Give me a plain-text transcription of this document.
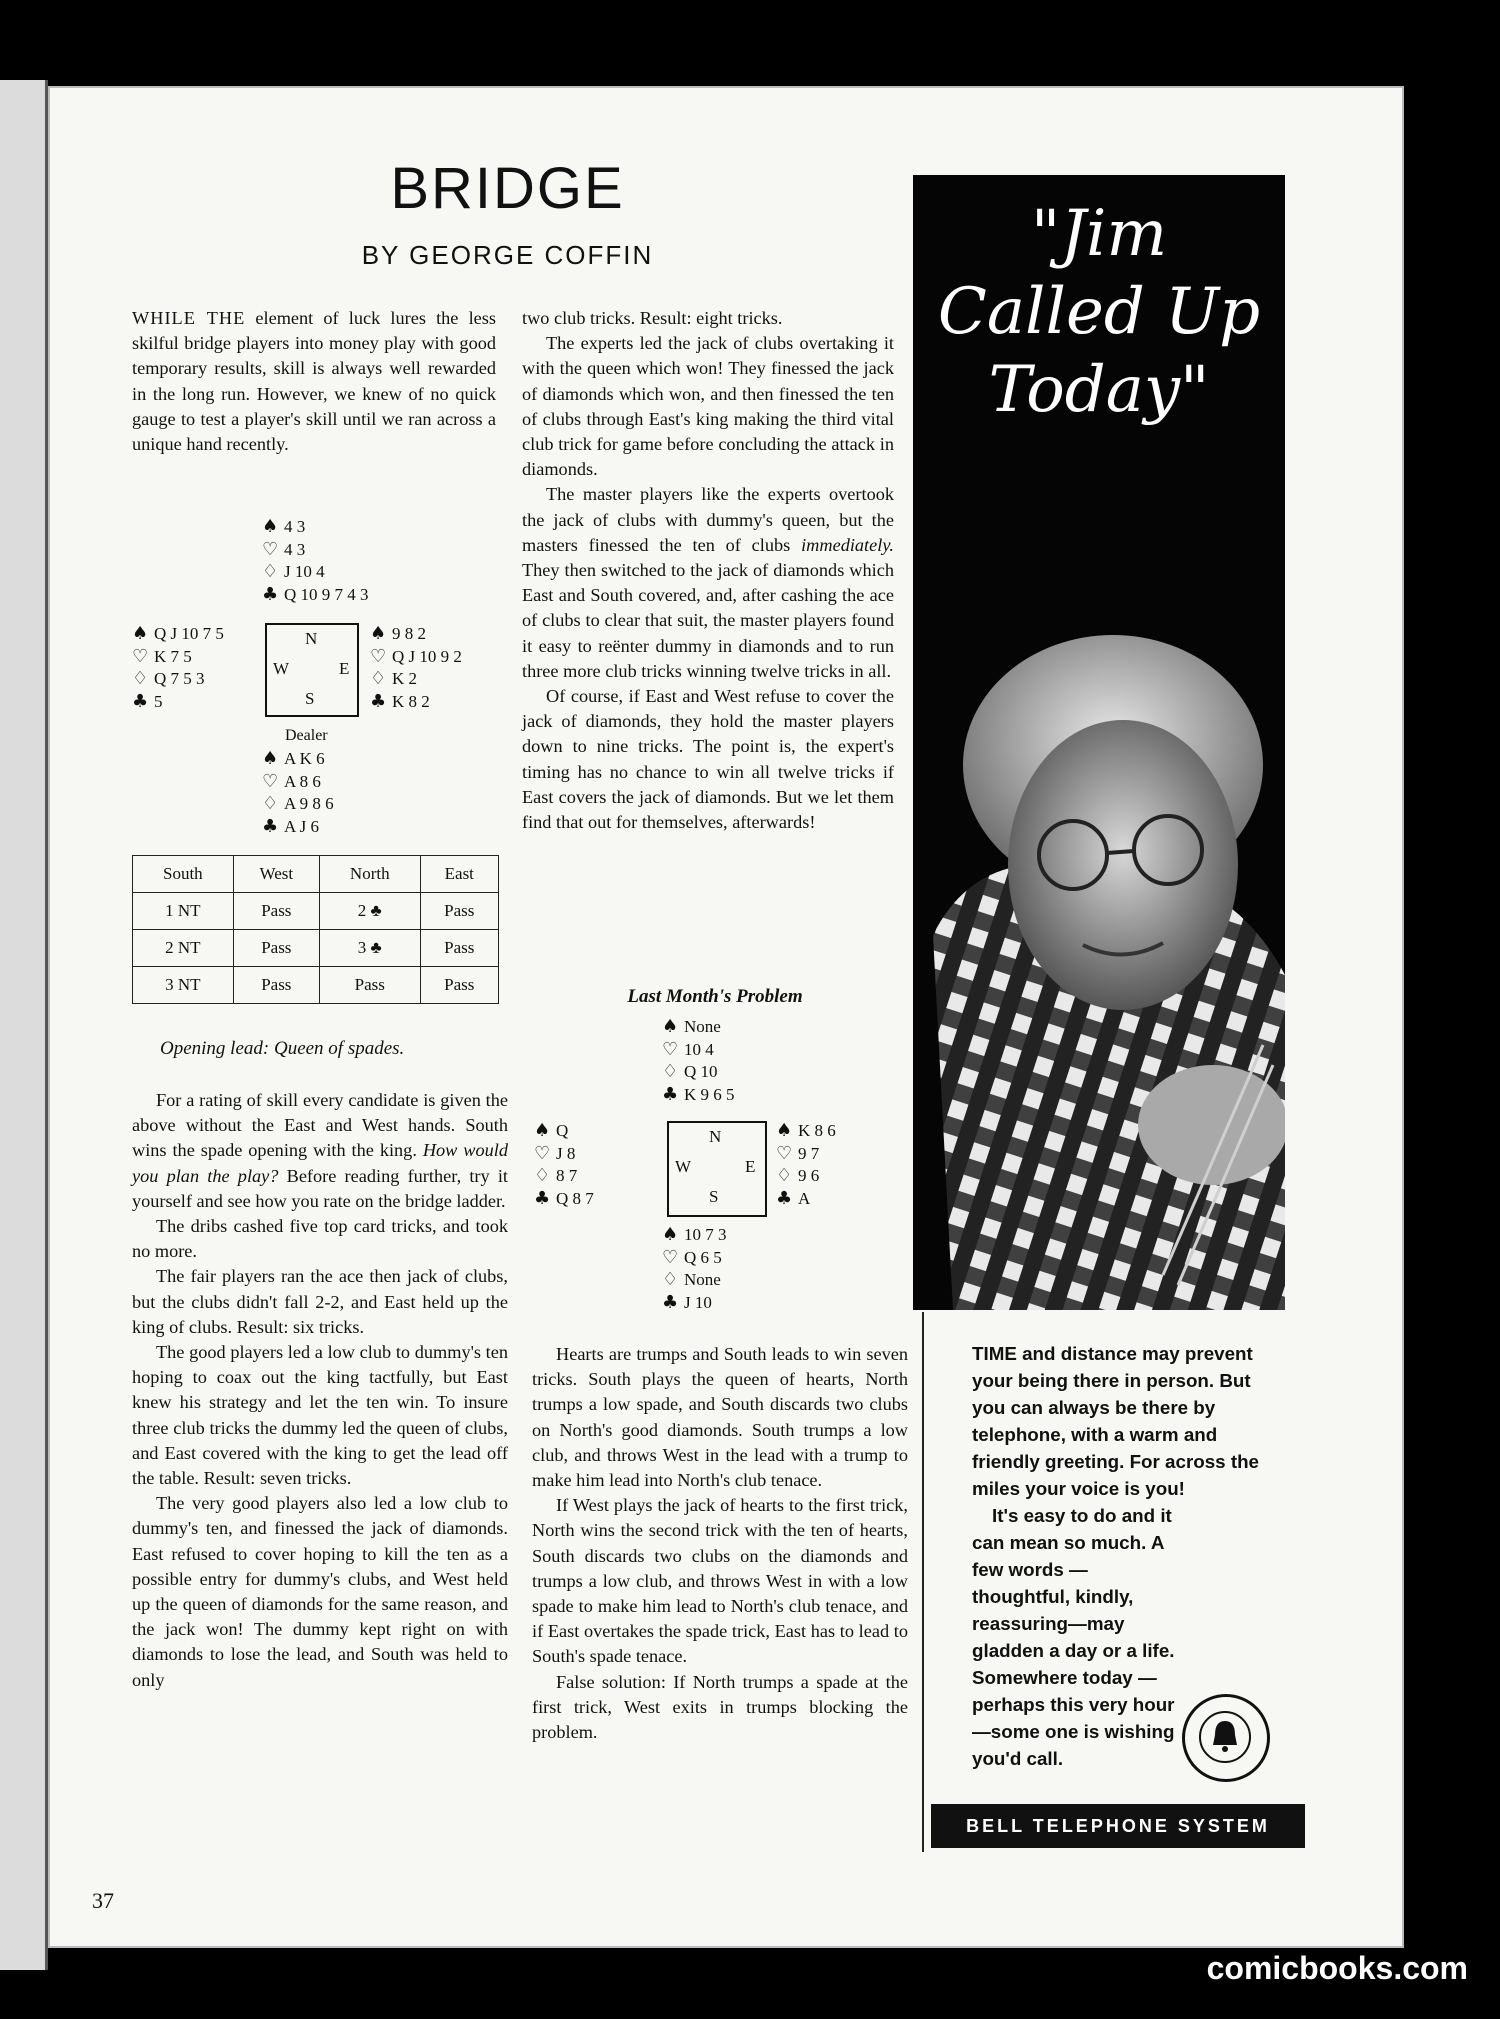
BRIDGE
BY GEORGE COFFIN

WHILE THE element of luck lures the less skilful bridge players into money play with good temporary results, skill is always well rewarded in the long run. However, we knew of no quick gauge to test a player's skill until we ran across a unique hand recently.

♠ 4 3
♡ 4 3
♢ J 10 4
♣ Q 10 9 7 4 3
♠ Q J 10 7 5
♡ K 7 5
♢ Q 7 5 3
♣ 5
N
W	E
S
♠ 9 8 2
♡ Q J 10 9 2
♢ K 2
♣ K 8 2
Dealer
♠ A K 6
♡ A 8 6
♢ A 9 8 6
♣ A J 6
South	West	North	East
1 NT	Pass	2 ♣	Pass
2 NT	Pass	3 ♣	Pass
3 NT	Pass	Pass	Pass
Opening lead: Queen of spades.

For a rating of skill every candidate is given the above without the East and West hands. South wins the spade opening with the king. How would you plan the play? Before reading further, try it yourself and see how you rate on the bridge ladder.

The dribs cashed five top card tricks, and took no more.

The fair players ran the ace then jack of clubs, but the clubs didn't fall 2-2, and East held up the king of clubs. Result: six tricks.

The good players led a low club to dummy's ten hoping to coax out the king tactfully, but East knew his strategy and let the ten win. To insure three club tricks the dummy led the queen of clubs, and East covered with the king to get the lead off the table. Result: seven tricks.

The very good players also led a low club to dummy's ten, and finessed the jack of diamonds. East refused to cover hoping to kill the ten as a possible entry for dummy's clubs, and West held up the queen of diamonds for the same reason, and the jack won! The dummy kept right on with diamonds to lose the lead, and South was held to only

two club tricks. Result: eight tricks.

The experts led the jack of clubs overtaking it with the queen which won! They finessed the jack of diamonds which won, and then finessed the ten of clubs through East's king making the third vital club trick for game before concluding the attack in diamonds.

The master players like the experts overtook the jack of clubs with dummy's queen, but the masters finessed the ten of clubs immediately. They then switched to the jack of diamonds which East and South covered, and, after cashing the ace of clubs to clear that suit, the master players found it easy to reënter dummy in diamonds and to run three more club tricks winning twelve tricks in all.

Of course, if East and West refuse to cover the jack of diamonds, they hold the master players down to nine tricks. The point is, the expert's timing has no chance to win all twelve tricks if East covers the jack of diamonds. But we let them find that out for themselves, afterwards!

Last Month's Problem
♠ None
♡ 10 4
♢ Q 10
♣ K 9 6 5
♠ Q
♡ J 8
♢ 8 7
♣ Q 8 7
N
W	E
S
♠ K 8 6
♡ 9 7
♢ 9 6
♣ A
♠ 10 7 3
♡ Q 6 5
♢ None
♣ J 10

Hearts are trumps and South leads to win seven tricks. South plays the queen of hearts, North trumps a low spade, and South discards two clubs on North's good diamonds. South trumps a low club, and throws West in the lead with a trump to make him lead into North's club tenace.

If West plays the jack of hearts to the first trick, North wins the second trick with the ten of hearts, South discards two clubs on the diamonds and trumps a low club, and throws West in with a low spade to make him lead to North's club tenace, and if East overtakes the spade trick, East has to lead to South's spade tenace.

False solution: If North trumps a spade at the first trick, West exits in trumps blocking the problem.

"Jim
Called Up
Today"

TIME and distance may prevent your being there in person. But you can always be there by telephone, with a warm and friendly greeting. For across the miles your voice is you!

It's easy to do and it can mean so much. A few words —thoughtful, kindly, reassuring—may gladden a day or a life. Somewhere today —perhaps this very hour—some one is wishing you'd call.

BELL TELEPHONE SYSTEM
37
comicbooks.com
